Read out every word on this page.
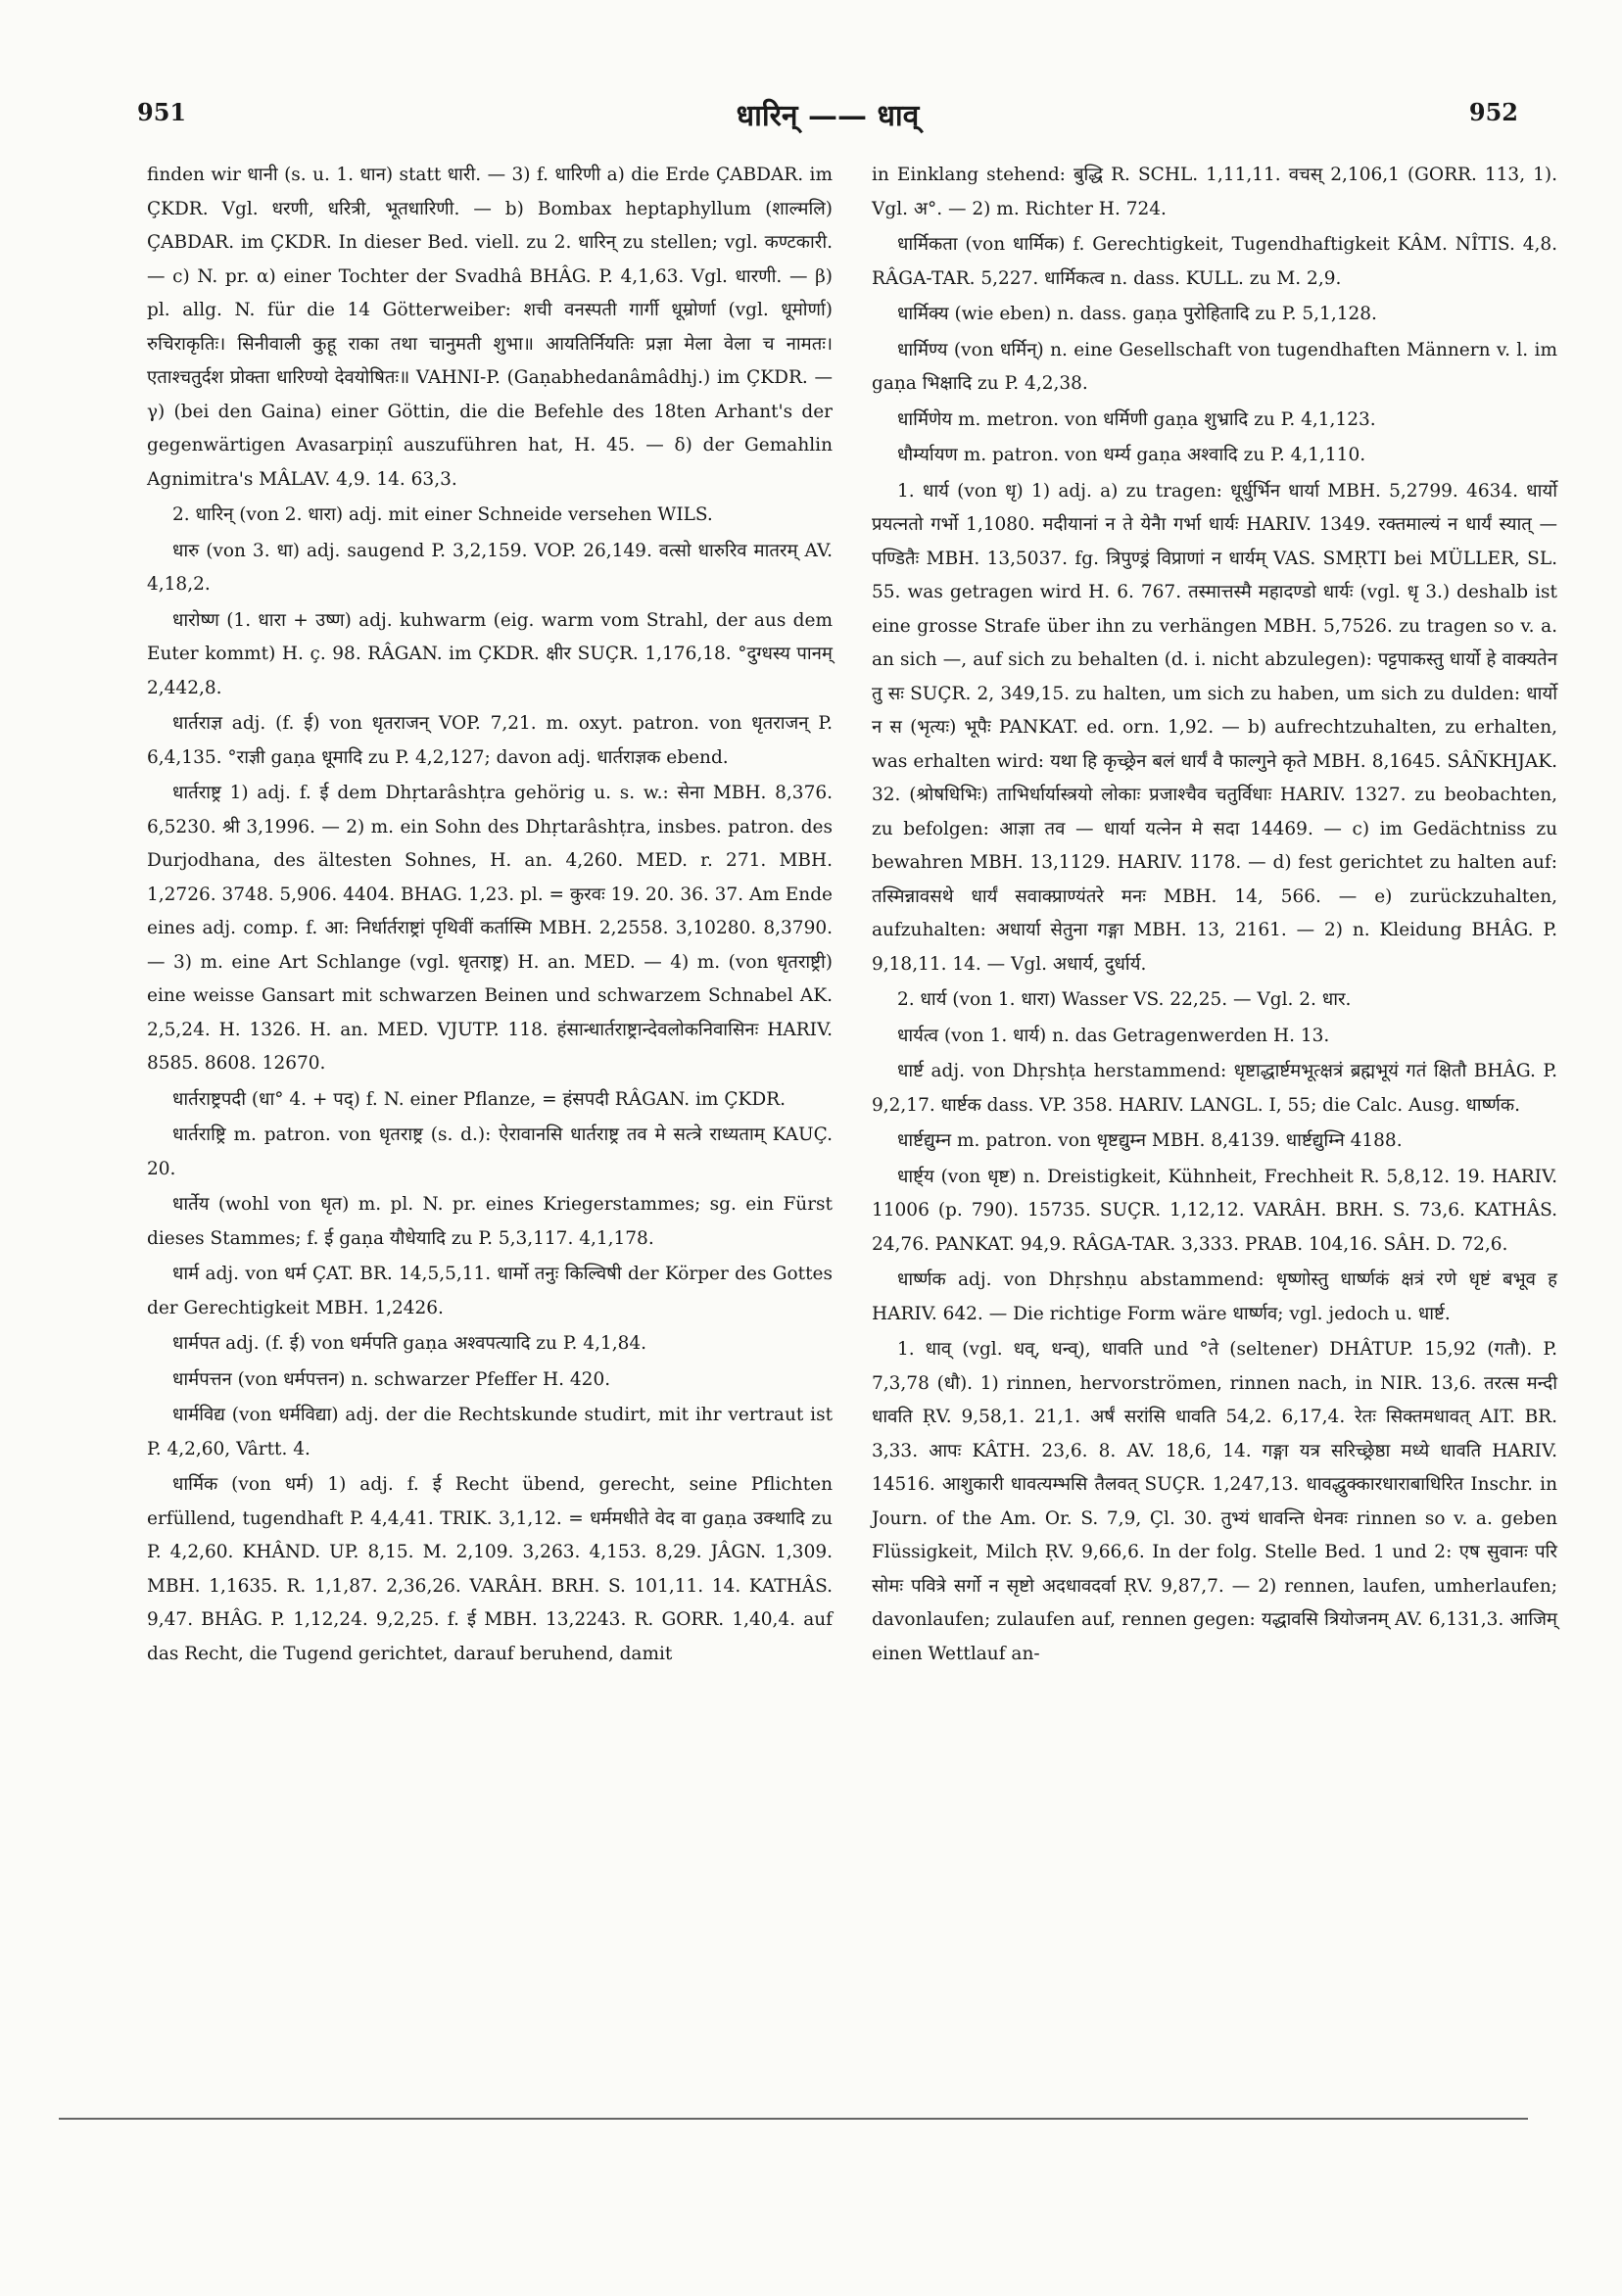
951	धारिन् —— धाव्	952

finden wir धानी (s. u. 1. धान) statt धारी. — 3) f. धारिणी a) die Erde ÇABDAR. im ÇKDR. Vgl. धरणी, धरित्री, भूतधारिणी. — b) Bombax heptaphyllum (शाल्मलि) ÇABDAR. im ÇKDR. In dieser Bed. viell. zu 2. धारिन् zu stellen; vgl. कण्टकारी. — c) N. pr. α) einer Tochter der Svadhâ BHÂG. P. 4,1,63. Vgl. धारणी. — β) pl. allg. N. für die 14 Götterweiber: शची वनस्पती गार्गी धूम्रोर्णा (vgl. धूमोर्णा) रुचिराकृतिः। सिनीवाली कुहू राका तथा चानुमती शुभा॥ आयतिर्नियतिः प्रज्ञा मेला वेला च नामतः। एताश्चतुर्दश प्रोक्ता धारिण्यो देवयोषितः॥ VAHNI-P. (Gaṇabhedanâmâdhj.) im ÇKDR. — γ) (bei den Gaina) einer Göttin, die die Befehle des 18ten Arhant's der gegenwärtigen Avasarpiṇî auszuführen hat, H. 45. — δ) der Gemahlin Agnimitra's MÂLAV. 4,9. 14. 63,3.

2. धारिन् (von 2. धारा) adj. mit einer Schneide versehen WILS.

धारु (von 3. धा) adj. saugend P. 3,2,159. VOP. 26,149. वत्सो धारुरिव मातरम् AV. 4,18,2.

धारोष्ण (1. धारा + उष्ण) adj. kuhwarm (eig. warm vom Strahl, der aus dem Euter kommt) H. ç. 98. RÂGAN. im ÇKDR. क्षीर SUÇR. 1,176,18. °दुग्धस्य पानम् 2,442,8.

धार्तराज्ञ adj. (f. ई) von धृतराजन् VOP. 7,21. m. oxyt. patron. von धृतराजन् P. 6,4,135. °राज्ञी gaṇa धूमादि zu P. 4,2,127; davon adj. धार्तराज्ञक ebend.

धार्तराष्ट्र 1) adj. f. ई dem Dhṛtarâshṭra gehörig u. s. w.: सेना MBH. 8,376. 6,5230. श्री 3,1996. — 2) m. ein Sohn des Dhṛtarâshṭra, insbes. patron. des Durjodhana, des ältesten Sohnes, H. an. 4,260. MED. r. 271. MBH. 1,2726. 3748. 5,906. 4404. BHAG. 1,23. pl. = कुरवः 19. 20. 36. 37. Am Ende eines adj. comp. f. आ: निर्धार्तराष्ट्रां पृथिवीं कर्तास्मि MBH. 2,2558. 3,10280. 8,3790. — 3) m. eine Art Schlange (vgl. धृतराष्ट्र) H. an. MED. — 4) m. (von धृतराष्ट्री) eine weisse Gansart mit schwarzen Beinen und schwarzem Schnabel AK. 2,5,24. H. 1326. H. an. MED. VJUTP. 118. हंसान्धार्तराष्ट्रान्देवलोकनिवासिनः HARIV. 8585. 8608. 12670.

धार्तराष्ट्रपदी (धा° 4. + पद्) f. N. einer Pflanze, = हंसपदी RÂGAN. im ÇKDR.

धार्तराष्ट्रि m. patron. von धृतराष्ट्र (s. d.): ऐरावानसि धार्तराष्ट्र तव मे सत्त्रे राध्यताम् KAUÇ. 20.

धार्तेय (wohl von धृत) m. pl. N. pr. eines Kriegerstammes; sg. ein Fürst dieses Stammes; f. ई gaṇa यौधेयादि zu P. 5,3,117. 4,1,178.

धार्म adj. von धर्म ÇAT. BR. 14,5,5,11. धार्मो तनुः किल्विषी der Körper des Gottes der Gerechtigkeit MBH. 1,2426.

धार्मपत adj. (f. ई) von धर्मपति gaṇa अश्वपत्यादि zu P. 4,1,84.

धार्मपत्तन (von धर्मपत्तन) n. schwarzer Pfeffer H. 420.

धार्मविद्य (von धर्मविद्या) adj. der die Rechtskunde studirt, mit ihr vertraut ist P. 4,2,60, Vârtt. 4.

धार्मिक (von धर्म) 1) adj. f. ई Recht übend, gerecht, seine Pflichten erfüllend, tugendhaft P. 4,4,41. TRIK. 3,1,12. = धर्ममधीते वेद वा gaṇa उक्थादि zu P. 4,2,60. KHÂND. UP. 8,15. M. 2,109. 3,263. 4,153. 8,29. JÂGN. 1,309. MBH. 1,1635. R. 1,1,87. 2,36,26. VARÂH. BRH. S. 101,11. 14. KATHÂS. 9,47. BHÂG. P. 1,12,24. 9,2,25. f. ई MBH. 13,2243. R. GORR. 1,40,4. auf das Recht, die Tugend gerichtet, darauf beruhend, damit

in Einklang stehend: बुद्धि R. SCHL. 1,11,11. वचस् 2,106,1 (GORR. 113, 1). Vgl. अ°. — 2) m. Richter H. 724.

धार्मिकता (von धार्मिक) f. Gerechtigkeit, Tugendhaftigkeit KÂM. NÎTIS. 4,8. RÂGA-TAR. 5,227. धार्मिकत्व n. dass. KULL. zu M. 2,9.

धार्मिक्य (wie eben) n. dass. gaṇa पुरोहितादि zu P. 5,1,128.

धार्मिण्य (von धर्मिन्) n. eine Gesellschaft von tugendhaften Männern v. l. im gaṇa भिक्षादि zu P. 4,2,38.

धार्मिणेय m. metron. von धर्मिणी gaṇa शुभ्रादि zu P. 4,1,123.

धौर्म्यायण m. patron. von धर्म्य gaṇa अश्वादि zu P. 4,1,110.

1. धार्य (von धृ) 1) adj. a) zu tragen: धूर्धुर्भिन धार्या MBH. 5,2799. 4634. धार्यो प्रयत्नतो गर्भो 1,1080. मदीयानां न ते येनैा गर्भा धार्यः HARIV. 1349. रक्तमाल्यं न धार्यं स्यात् — पण्डितैः MBH. 13,5037. fg. त्रिपुण्ड्रं विप्राणां न धार्यम् VAS. SMṚTI bei MÜLLER, SL. 55. was getragen wird H. 6. 767. तस्मात्तस्मै महादण्डो धार्यः (vgl. धृ 3.) deshalb ist eine grosse Strafe über ihn zu verhängen MBH. 5,7526. zu tragen so v. a. an sich —, auf sich zu behalten (d. i. nicht abzulegen): पट्टपाकस्तु धार्यो हे वाक्यतेन तु सः SUÇR. 2, 349,15. zu halten, um sich zu haben, um sich zu dulden: धार्यो न स (भृत्यः) भूपैः PANKAT. ed. orn. 1,92. — b) aufrechtzuhalten, zu erhalten, was erhalten wird: यथा हि कृच्छ्रेन बलं धार्यं वै फाल्गुने कृते MBH. 8,1645. SÂÑKHJAK. 32. (श्रोषधिभिः) ताभिर्धार्यास्त्रयो लोकाः प्रजाश्चैव चतुर्विधाः HARIV. 1327. zu beobachten, zu befolgen: आज्ञा तव — धार्या यत्नेन मे सदा 14469. — c) im Gedächtniss zu bewahren MBH. 13,1129. HARIV. 1178. — d) fest gerichtet zu halten auf: तस्मिन्नावसथे धार्यं सवाक्प्राण्यंतरे मनः MBH. 14, 566. — e) zurückzuhalten, aufzuhalten: अधार्या सेतुना गङ्गा MBH. 13, 2161. — 2) n. Kleidung BHÂG. P. 9,18,11. 14. — Vgl. अधार्य, दुर्धार्य.

2. धार्य (von 1. धारा) Wasser VS. 22,25. — Vgl. 2. धार.

धार्यत्व (von 1. धार्य) n. das Getragenwerden H. 13.

धार्ष्ट adj. von Dhṛshṭa herstammend: धृष्टाद्धार्ष्टमभूत्क्षत्रं ब्रह्मभूयं गतं क्षितौ BHÂG. P. 9,2,17. धार्ष्टक dass. VP. 358. HARIV. LANGL. I, 55; die Calc. Ausg. धार्ष्णक.

धार्ष्टद्युम्न m. patron. von धृष्टद्युम्न MBH. 8,4139. धार्ष्टद्युम्नि 4188.

धार्ष्ट्य (von धृष्ट) n. Dreistigkeit, Kühnheit, Frechheit R. 5,8,12. 19. HARIV. 11006 (p. 790). 15735. SUÇR. 1,12,12. VARÂH. BRH. S. 73,6. KATHÂS. 24,76. PANKAT. 94,9. RÂGA-TAR. 3,333. PRAB. 104,16. SÂH. D. 72,6.

धार्ष्णक adj. von Dhṛshṇu abstammend: धृष्णोस्तु धार्ष्णकं क्षत्रं रणे धृष्टं बभूव ह HARIV. 642. — Die richtige Form wäre धार्ष्णव; vgl. jedoch u. धार्ष्ट.

1. धाव् (vgl. धव्, धन्व्), धावति und °ते (seltener) DHÂTUP. 15,92 (गतौ). P. 7,3,78 (धौ). 1) rinnen, hervorströmen, rinnen nach, in NIR. 13,6. तरत्स मन्दी धावति ṚV. 9,58,1. 21,1. अर्षं सरांसि धावति 54,2. 6,17,4. रेतः सिक्तमधावत् AIT. BR. 3,33. आपः KÂTH. 23,6. 8. AV. 18,6, 14. गङ्गा यत्र सरिच्छ्रेष्ठा मध्ये धावति HARIV. 14516. आशुकारी धावत्यम्भसि तैलवत् SUÇR. 1,247,13. धावद्धुक्कारधाराबाधिरित Inschr. in Journ. of the Am. Or. S. 7,9, Çl. 30. तुभ्यं धावन्ति धेनवः rinnen so v. a. geben Flüssigkeit, Milch ṚV. 9,66,6. In der folg. Stelle Bed. 1 und 2: एष सुवानः परि सोमः पवित्रे सर्गो न सृष्टो अदधावदर्वा ṚV. 9,87,7. — 2) rennen, laufen, umherlaufen; davonlaufen; zulaufen auf, rennen gegen: यद्धावसि त्रियोजनम् AV. 6,131,3. आजिम् einen Wettlauf an-
